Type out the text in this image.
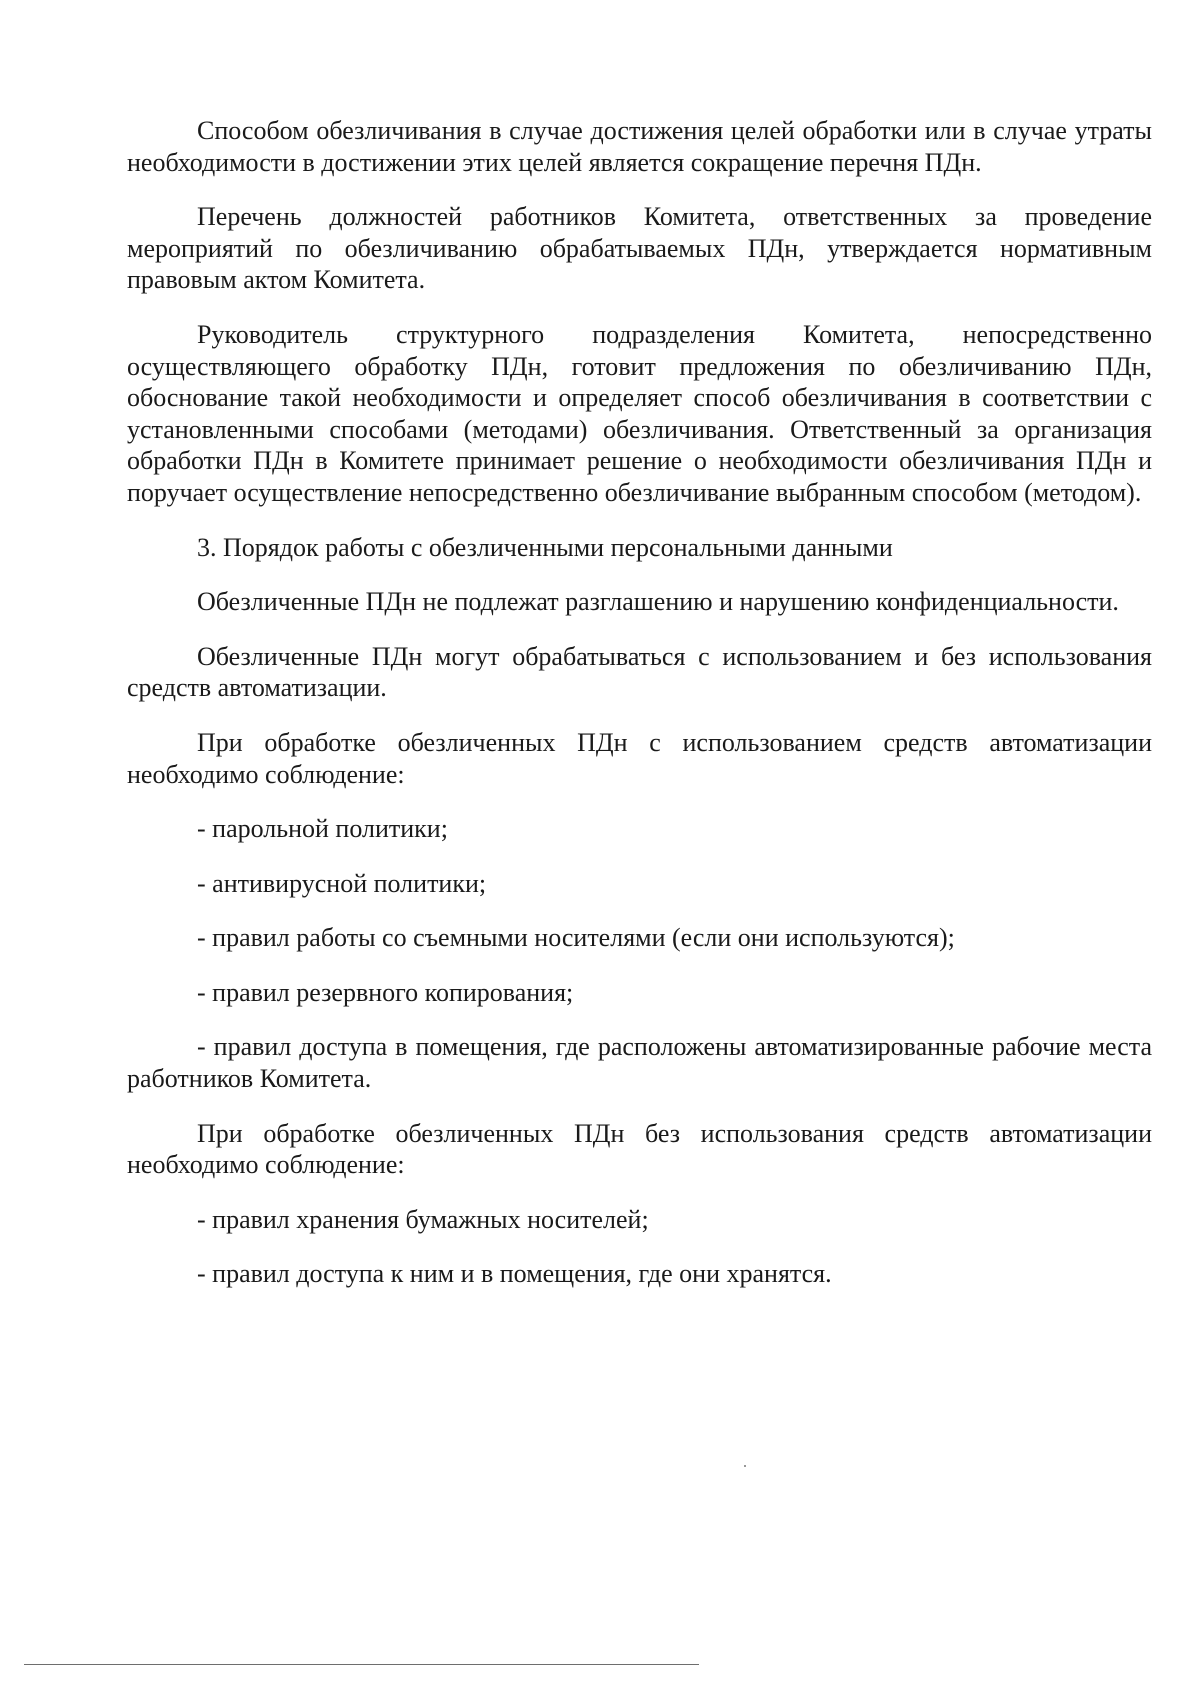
Способом обезличивания в случае достижения целей обработки или в случае утраты необходимости в достижении этих целей является сокращение перечня ПДн.

Перечень должностей работников Комитета, ответственных за проведение мероприятий по обезличиванию обрабатываемых ПДн, утверждается нормативным правовым актом Комитета.

Руководитель структурного подразделения Комитета, непосредственно осуществляющего обработку ПДн, готовит предложения по обезличиванию ПДн, обоснование такой необходимости и определяет способ обезличивания в соответствии с установленными способами (методами) обезличивания. Ответственный за организация обработки ПДн в Комитете принимает решение о необходимости обезличивания ПДн и поручает осуществление непосредственно обезличивание выбранным способом (методом).

3. Порядок работы с обезличенными персональными данными

Обезличенные ПДн не подлежат разглашению и нарушению конфиденциальности.

Обезличенные ПДн могут обрабатываться с использованием и без использования средств автоматизации.

При обработке обезличенных ПДн с использованием средств автоматизации необходимо соблюдение:

- парольной политики;

- антивирусной политики;

- правил работы со съемными носителями (если они используются);

- правил резервного копирования;

- правил доступа в помещения, где расположены автоматизированные рабочие места работников Комитета.

При обработке обезличенных ПДн без использования средств автоматизации необходимо соблюдение:

- правил хранения бумажных носителей;

- правил доступа к ним и в помещения, где они хранятся.
